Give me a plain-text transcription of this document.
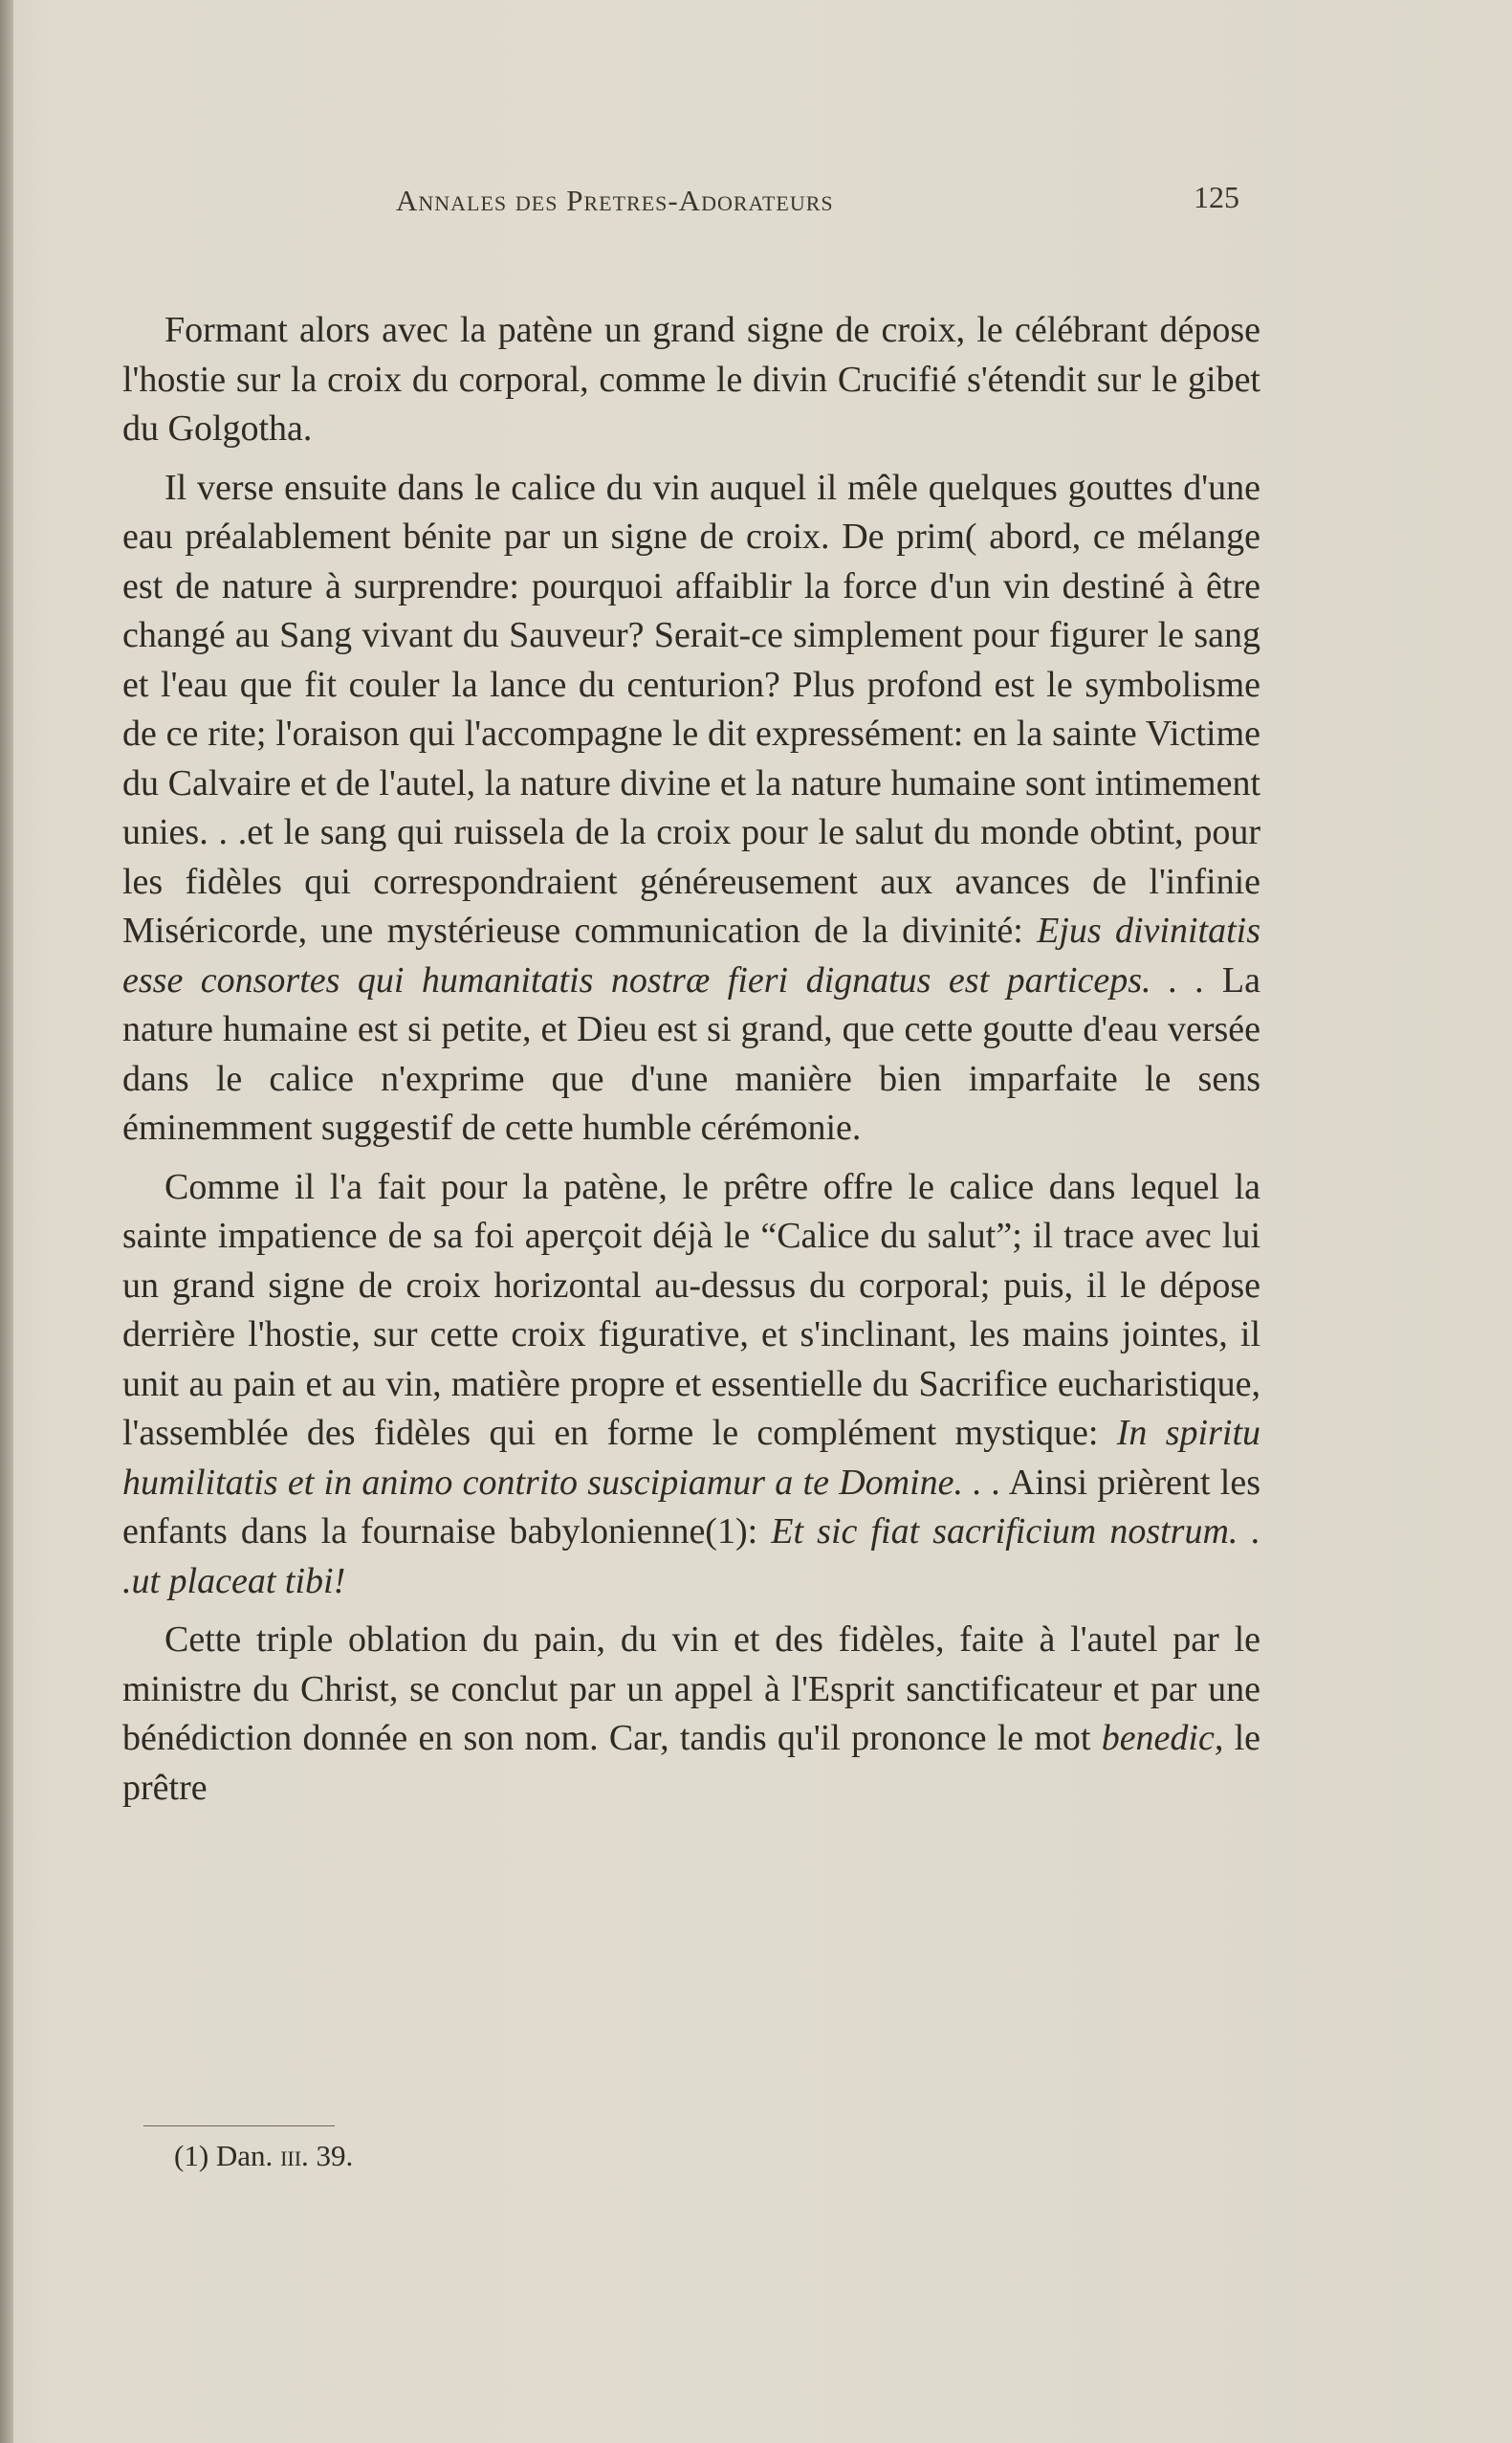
Annales des Pretres-Adorateurs	125

Formant alors avec la patène un grand signe de croix, le célébrant dépose l'hostie sur la croix du corporal, comme le divin Crucifié s'étendit sur le gibet du Golgotha.

Il verse ensuite dans le calice du vin auquel il mêle quelques gouttes d'une eau préalablement bénite par un signe de croix. De prim( abord, ce mélange est de nature à surprendre: pourquoi affaiblir la force d'un vin destiné à être changé au Sang vivant du Sauveur? Serait-ce simplement pour figurer le sang et l'eau que fit couler la lance du centurion? Plus profond est le symbolisme de ce rite; l'oraison qui l'accompagne le dit expressément: en la sainte Victime du Calvaire et de l'autel, la nature divine et la nature humaine sont intimement unies. . .et le sang qui ruissela de la croix pour le salut du monde obtint, pour les fidèles qui correspondraient généreusement aux avances de l'infinie Miséricorde, une mystérieuse communication de la divinité: Ejus divinitatis esse consortes qui humanitatis nostræ fieri dignatus est particeps. . . La nature humaine est si petite, et Dieu est si grand, que cette goutte d'eau versée dans le calice n'exprime que d'une manière bien imparfaite le sens éminemment suggestif de cette humble cérémonie.

Comme il l'a fait pour la patène, le prêtre offre le calice dans lequel la sainte impatience de sa foi aperçoit déjà le “Calice du salut”; il trace avec lui un grand signe de croix horizontal au-dessus du corporal; puis, il le dépose derrière l'hostie, sur cette croix figurative, et s'inclinant, les mains jointes, il unit au pain et au vin, matière propre et essentielle du Sacrifice eucharistique, l'assemblée des fidèles qui en forme le complément mystique: In spiritu humilitatis et in animo contrito suscipiamur a te Domine. . . Ainsi prièrent les enfants dans la fournaise babylonienne(1): Et sic fiat sacrificium nostrum. . .ut placeat tibi!

Cette triple oblation du pain, du vin et des fidèles, faite à l'autel par le ministre du Christ, se conclut par un appel à l'Esprit sanctificateur et par une bénédiction donnée en son nom. Car, tandis qu'il prononce le mot benedic, le prêtre

(1) Dan. iii. 39.
